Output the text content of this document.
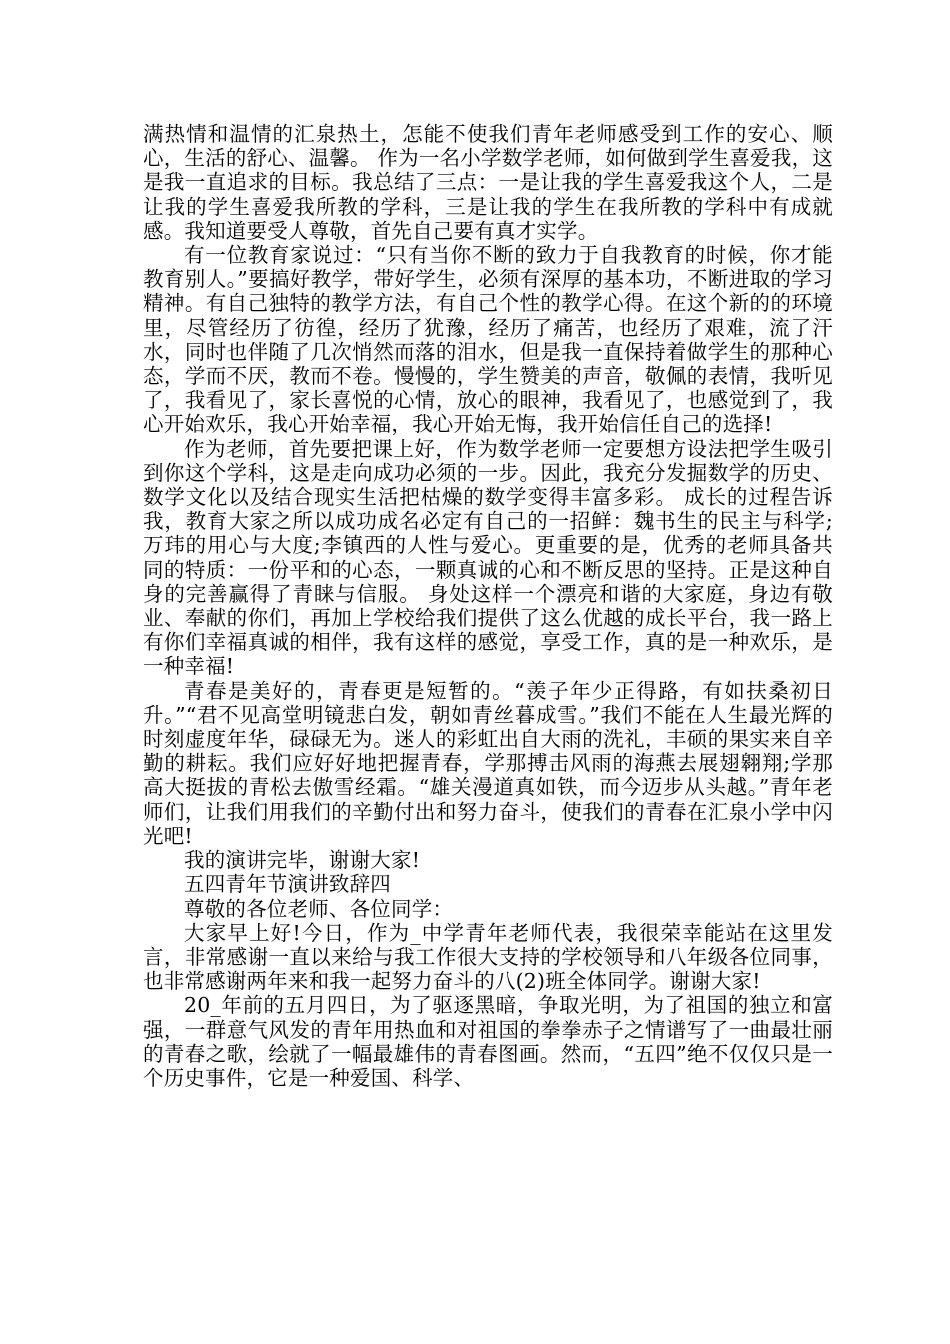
满热情和温情的汇泉热土，怎能不使我们青年老师感受到工作的安心、顺心，生活的舒心、温馨。 作为一名小学数学老师，如何做到学生喜爱我，这是我一直追求的目标。我总结了三点：一是让我的学生喜爱我这个人，二是让我的学生喜爱我所教的学科，三是让我的学生在我所教的学科中有成就感。我知道要受人尊敬，首先自己要有真才实学。

有一位教育家说过：“只有当你不断的致力于自我教育的时候，你才能教育别人。”要搞好教学，带好学生，必须有深厚的基本功，不断进取的学习精神。有自己独特的教学方法，有自己个性的教学心得。在这个新的的环境里，尽管经历了彷徨，经历了犹豫，经历了痛苦，也经历了艰难，流了汗水，同时也伴随了几次悄然而落的泪水，但是我一直保持着做学生的那种心态，学而不厌，教而不卷。慢慢的，学生赞美的声音，敬佩的表情，我听见了，我看见了，家长喜悦的心情，放心的眼神，我看见了，也感觉到了，我心开始欢乐，我心开始幸福，我心开始无悔，我开始信任自己的选择!

作为老师，首先要把课上好，作为数学老师一定要想方设法把学生吸引到你这个学科，这是走向成功必须的一步。因此，我充分发掘数学的历史、数学文化以及结合现实生活把枯燥的数学变得丰富多彩。 成长的过程告诉我，教育大家之所以成功成名必定有自己的一招鲜：魏书生的民主与科学;万玮的用心与大度;李镇西的人性与爱心。更重要的是，优秀的老师具备共同的特质：一份平和的心态，一颗真诚的心和不断反思的坚持。正是这种自身的完善赢得了青睐与信服。 身处这样一个漂亮和谐的大家庭，身边有敬业、奉献的你们，再加上学校给我们提供了这么优越的成长平台，我一路上有你们幸福真诚的相伴，我有这样的感觉，享受工作，真的是一种欢乐，是一种幸福!

青春是美好的，青春更是短暂的。“羡子年少正得路，有如扶桑初日升。”“君不见高堂明镜悲白发，朝如青丝暮成雪。”我们不能在人生最光辉的时刻虚度年华，碌碌无为。迷人的彩虹出自大雨的洗礼，丰硕的果实来自辛勤的耕耘。我们应好好地把握青春，学那搏击风雨的海燕去展翅翱翔;学那高大挺拔的青松去傲雪经霜。“雄关漫道真如铁，而今迈步从头越。”青年老师们，让我们用我们的辛勤付出和努力奋斗，使我们的青春在汇泉小学中闪光吧!

我的演讲完毕，谢谢大家!

五四青年节演讲致辞四

尊敬的各位老师、各位同学：

大家早上好!今日，作为_中学青年老师代表，我很荣幸能站在这里发言，非常感谢一直以来给与我工作很大支持的学校领导和八年级各位同事，也非常感谢两年来和我一起努力奋斗的八(2)班全体同学。谢谢大家!

20_年前的五月四日，为了驱逐黑暗，争取光明，为了祖国的独立和富强，一群意气风发的青年用热血和对祖国的拳拳赤子之情谱写了一曲最壮丽的青春之歌，绘就了一幅最雄伟的青春图画。然而，“五四”绝不仅仅只是一个历史事件，它是一种爱国、科学、
